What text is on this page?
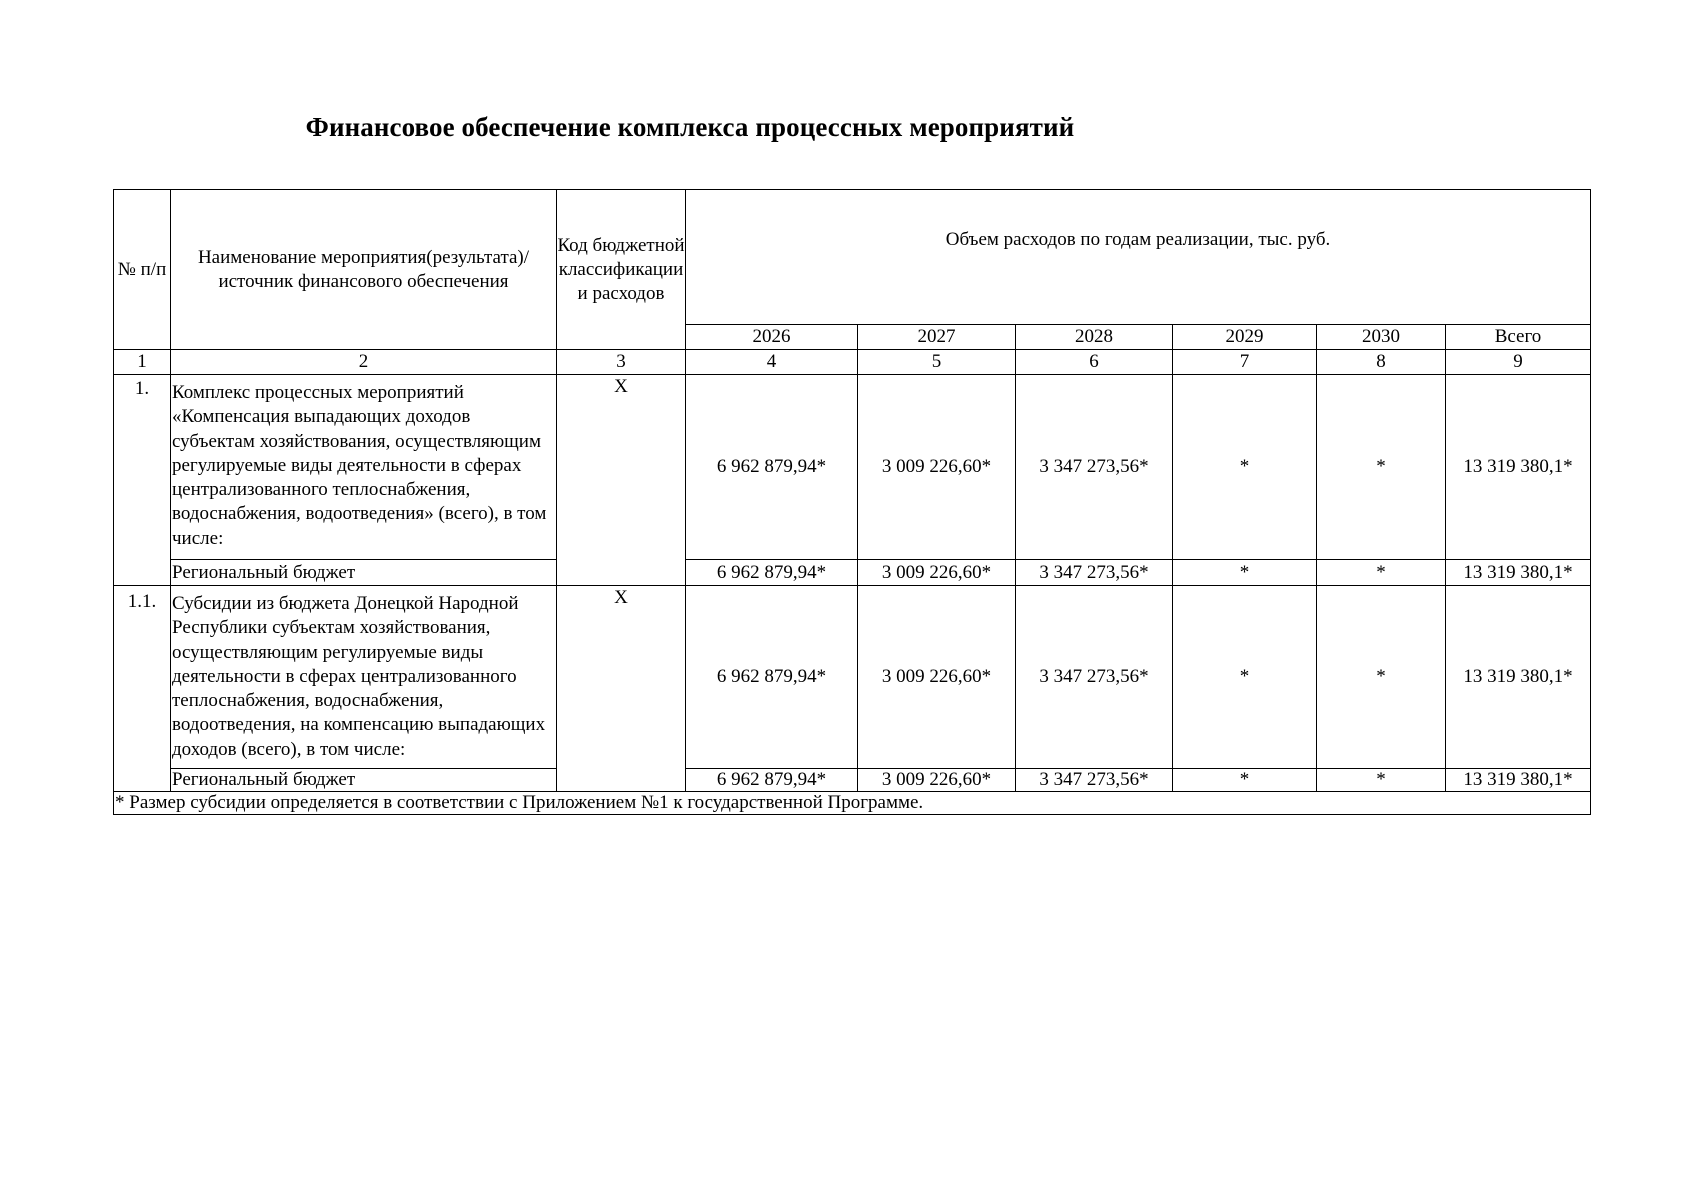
Финансовое обеспечение комплекса процессных мероприятий
№ п/п	Наименование мероприятия(результата)/ источник финансового обеспечения	Код бюджетной классификации и расходов	Объем расходов по годам реализации, тыс. руб.					
			2026	2027	2028	2029	2030	Всего
1	2	3	4	5	6	7	8	9
1.	Комплекс процессных мероприятий «Компенсация выпадающих доходов субъектам хозяйствования, осуществляющим регулируемые виды деятельности в сферах централизованного теплоснабжения, водоснабжения, водоотведения» (всего), в том числе:	X	6 962 879,94*	3 009 226,60*	3 347 273,56*	*	*	13 319 380,1*
	Региональный бюджет		6 962 879,94*	3 009 226,60*	3 347 273,56*	*	*	13 319 380,1*
1.1.	Субсидии из бюджета Донецкой Народной Республики субъектам хозяйствования, осуществляющим регулируемые виды деятельности в сферах централизованного теплоснабжения, водоснабжения, водоотведения, на компенсацию выпадающих доходов (всего), в том числе:	X	6 962 879,94*	3 009 226,60*	3 347 273,56*	*	*	13 319 380,1*
	Региональный бюджет		6 962 879,94*	3 009 226,60*	3 347 273,56*	*	*	13 319 380,1*
* Размер субсидии определяется в соответствии с Приложением №1 к государственной Программе.								
